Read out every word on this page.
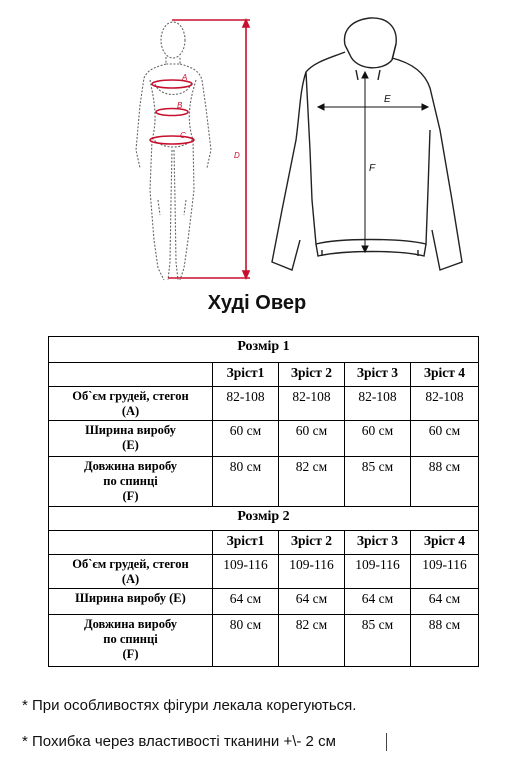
A
B
C
D
E
F
Худі Овер
Розмір 1				
	Зріст1	Зріст 2	Зріст 3	Зріст 4
Об`єм грудей, стегон
(А)	82-108	82-108	82-108	82-108
Ширина виробу
(Е)	60 см	60 см	60 см	60 см
Довжина виробу
по спинці
(F)	80 см	82 см	85 см	88 см
Розмір 2				
	Зріст1	Зріст 2	Зріст 3	Зріст 4
Об`єм грудей, стегон
(А)	109-116	109-116	109-116	109-116
Ширина виробу (Е)	64 см	64 см	64 см	64 см
Довжина виробу
по спинці
(F)	80 см	82 см	85 см	88 см
* При особливостях фігури лекала корегуються.
* Похибка через властивості тканини +\- 2 см
